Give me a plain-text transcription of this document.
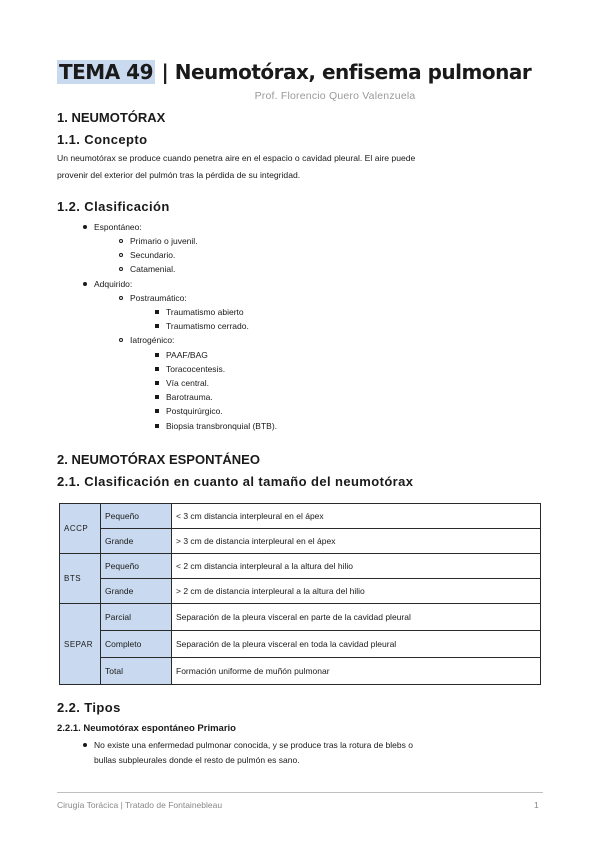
TEMA 49 | Neumotórax, enfisema pulmonar
Prof. Florencio Quero Valenzuela
1. NEUMOTÓRAX
1.1. Concepto
Un neumotórax se produce cuando penetra aire en el espacio o cavidad pleural. El aire puede
provenir del exterior del pulmón tras la pérdida de su integridad.
1.2. Clasificación
Espontáneo:
Primario o juvenil.
Secundario.
Catamenial.
Adquirido:
Postraumático:
Traumatismo abierto
Traumatismo cerrado.
Iatrogénico:
PAAF/BAG
Toracocentesis.
Vía central.
Barotrauma.
Postquirúrgico.
Biopsia transbronquial (BTB).
2. NEUMOTÓRAX ESPONTÁNEO
2.1. Clasificación en cuanto al tamaño del neumotórax
ACCP	Pequeño	< 3 cm distancia interpleural en el ápex
	Grande	> 3 cm de distancia interpleural en el ápex
BTS	Pequeño	< 2 cm distancia interpleural a la altura del hilio
	Grande	> 2 cm de distancia interpleural a la altura del hilio
SEPAR	Parcial	Separación de la pleura visceral en parte de la cavidad pleural
	Completo	Separación de la pleura visceral en toda la cavidad pleural
	Total	Formación uniforme de muñón pulmonar
2.2. Tipos
2.2.1. Neumotórax espontáneo Primario
No existe una enfermedad pulmonar conocida, y se produce tras la rotura de blebs o
bullas subpleurales donde el resto de pulmón es sano.
Cirugía Torácica | Tratado de Fontainebleau	1
